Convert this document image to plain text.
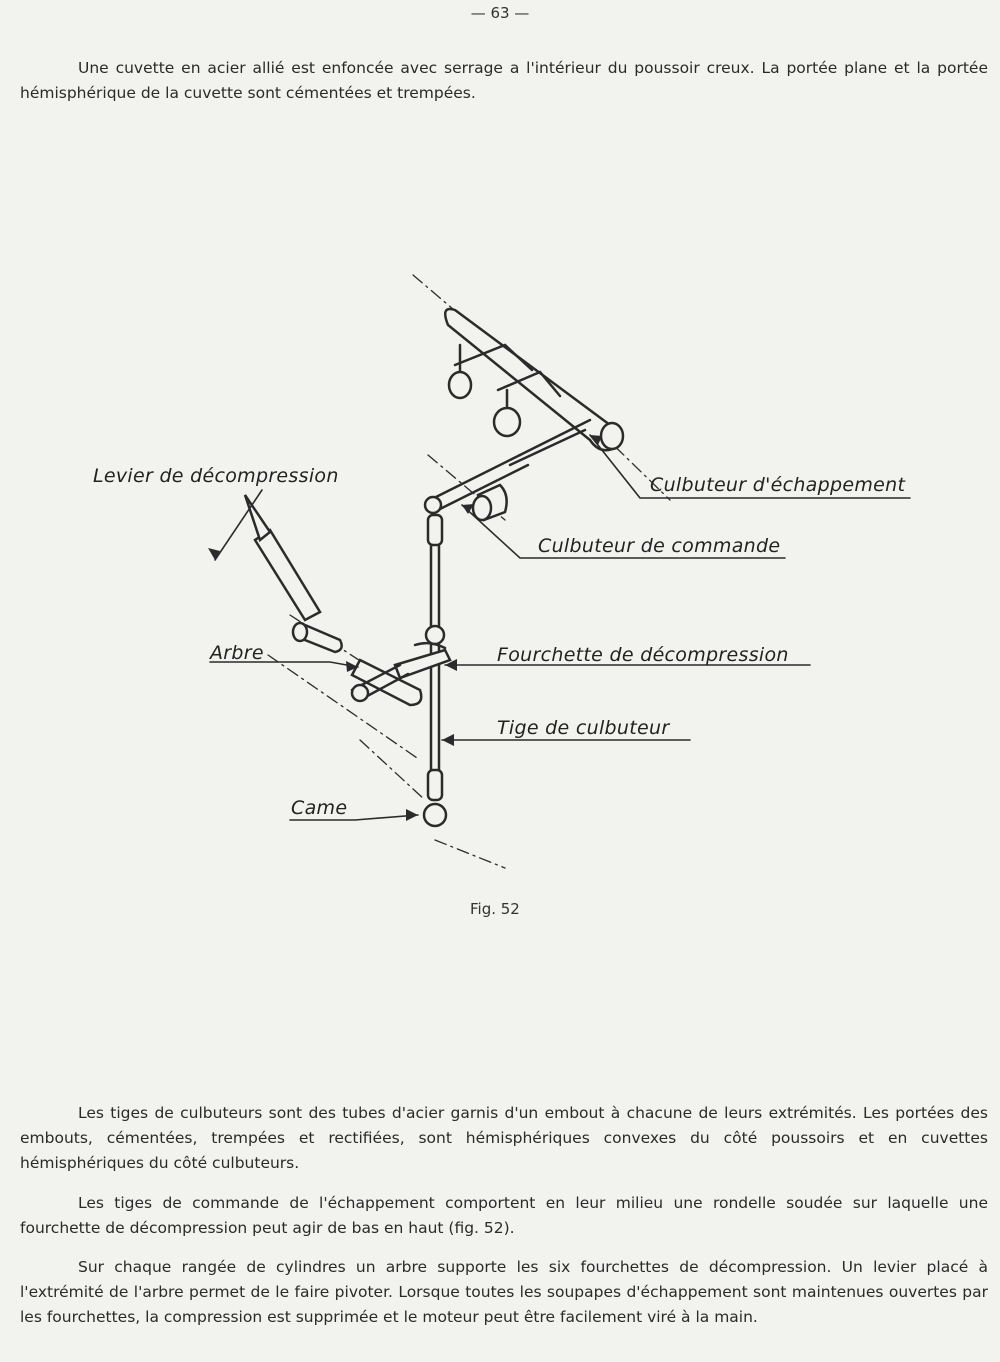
— 63 —

Une cuvette en acier allié est enfoncée avec serrage a l'intérieur du poussoir creux. La portée plane et la portée hémisphérique de la cuvette sont cémentées et trempées.

Levier de décompression	Culbuteur d'échappement
Culbuteur de commande
Arbre	Fourchette de décompression
Tige de culbuteur
Came
Fig. 52

Les tiges de culbuteurs sont des tubes d'acier garnis d'un embout à chacune de leurs extrémités. Les portées des embouts, cémentées, trempées et rectifiées, sont hémisphériques convexes du côté poussoirs et en cuvettes hémisphériques du côté culbuteurs.

Les tiges de commande de l'échappement comportent en leur milieu une rondelle soudée sur laquelle une fourchette de décompression peut agir de bas en haut (fig. 52).

Sur chaque rangée de cylindres un arbre supporte les six fourchettes de décompression. Un levier placé à l'extrémité de l'arbre permet de le faire pivoter. Lorsque toutes les soupapes d'échappement sont maintenues ouvertes par les fourchettes, la compression est supprimée et le moteur peut être facilement viré à la main.
